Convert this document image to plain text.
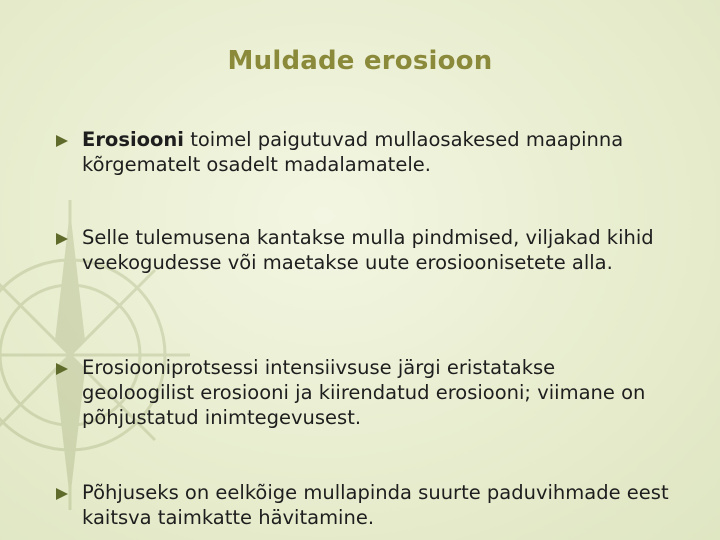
Muldade erosioon
Erosiooni toimel paigutuvad mullaosakesed maapinna kõrgematelt osadelt madalamatele.
Selle tulemusena kantakse mulla pindmised, viljakad kihid veekogudesse või maetakse uute erosioonisetete alla.
Erosiooniprotsessi intensiivsuse järgi eristatakse geoloogilist erosiooni ja kiirendatud erosiooni; viimane on põhjustatud inimtegevusest.
Põhjuseks on eelkõige mullapinda suurte paduvihmade eest kaitsva taimkatte hävitamine.
